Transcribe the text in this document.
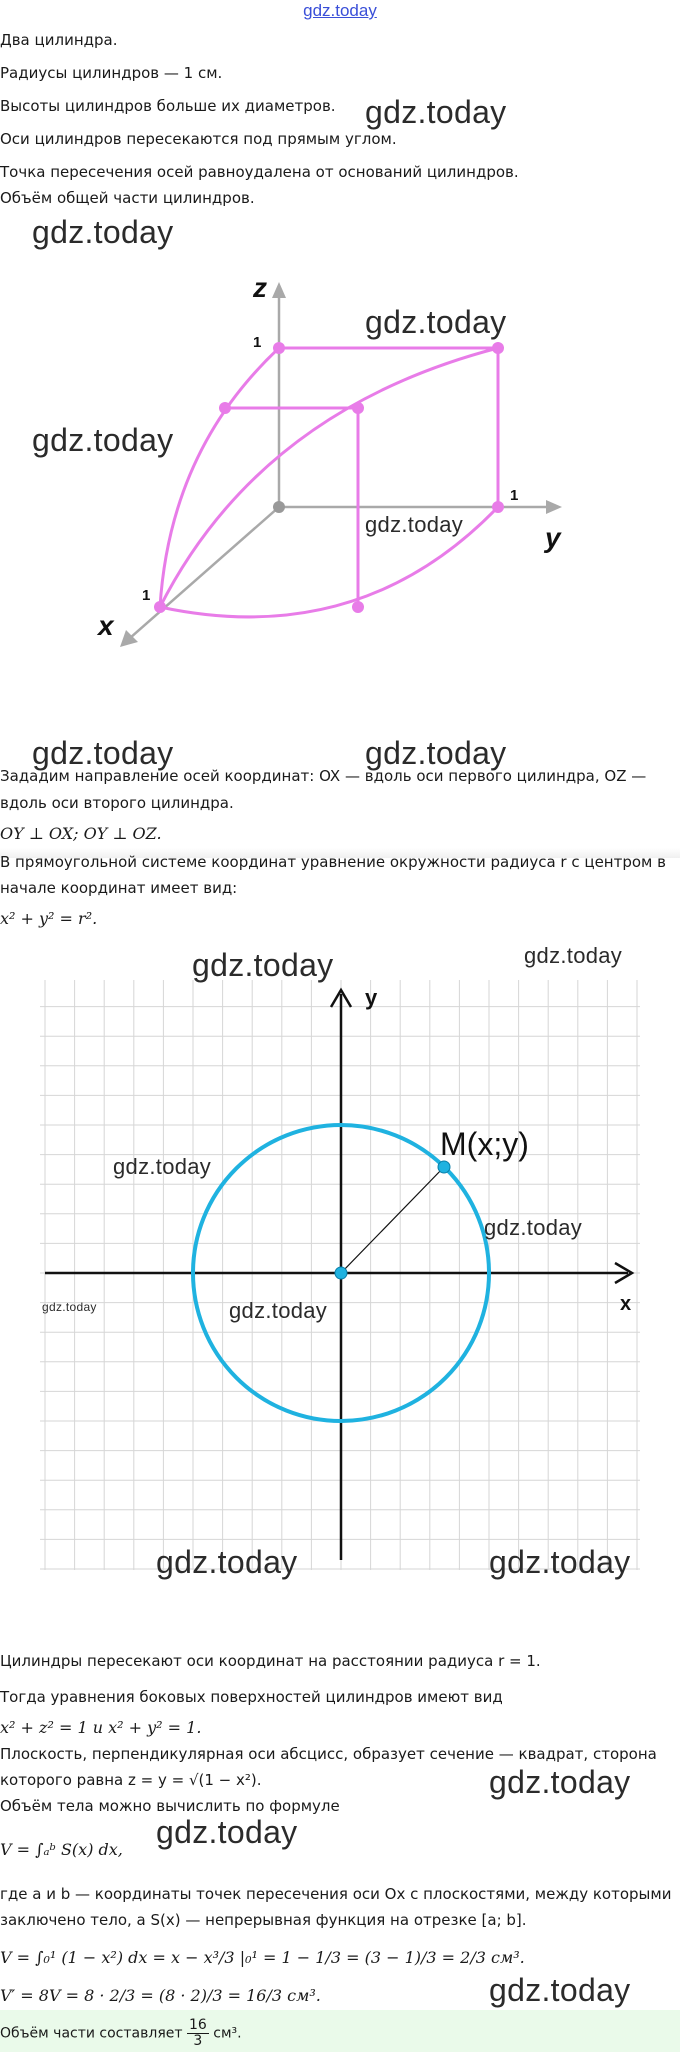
gdz.today
Два цилиндра.
Радиусы цилиндров — 1 см.
Высоты цилиндров больше их диаметров.
Оси цилиндров пересекаются под прямым углом.
Точка пересечения осей равноудалена от оснований цилиндров.
Объём общей части цилиндров.
z
y
x
1
1
1
Зададим направление осей координат: OX — вдоль оси первого цилиндра, OZ —
вдоль оси второго цилиндра.
OY ⊥ OX; OY ⊥ OZ.
В прямоугольной системе координат уравнение окружности радиуса r с центром в
начале координат имеет вид:
x² + y² = r².
M(x;y)
x
y
Цилиндры пересекают оси координат на расстоянии радиуса r = 1.
Тогда уравнения боковых поверхностей цилиндров имеют вид
x² + z² = 1 и x² + y² = 1.
Плоскость, перпендикулярная оси абсцисс, образует сечение — квадрат, сторона
которого равна z = y = √(1 − x²).
Объём тела можно вычислить по формуле
V = ∫ₐᵇ S(x) dx,
где a и b — координаты точек пересечения оси Ox с плоскостями, между которыми
заключено тело, а S(x) — непрерывная функция на отрезке [a; b].
V = ∫₀¹ (1 − x²) dx = x − x³/3 |₀¹ = 1 − 1/3 = (3 − 1)/3 = 2/3 см³.
V′ = 8V = 8 · 2/3 = (8 · 2)/3 = 16/3 см³.
Объём части составляет $\frac{16}{3} см^3$.
gdz.today
gdz.today
gdz.today
gdz.today
gdz.today
gdz.today	gdz.today
gdz.today	gdz.today
gdz.today
gdz.today
gdz.today	gdz.today
gdz.today	gdz.today
gdz.today
gdz.today
gdz.today
